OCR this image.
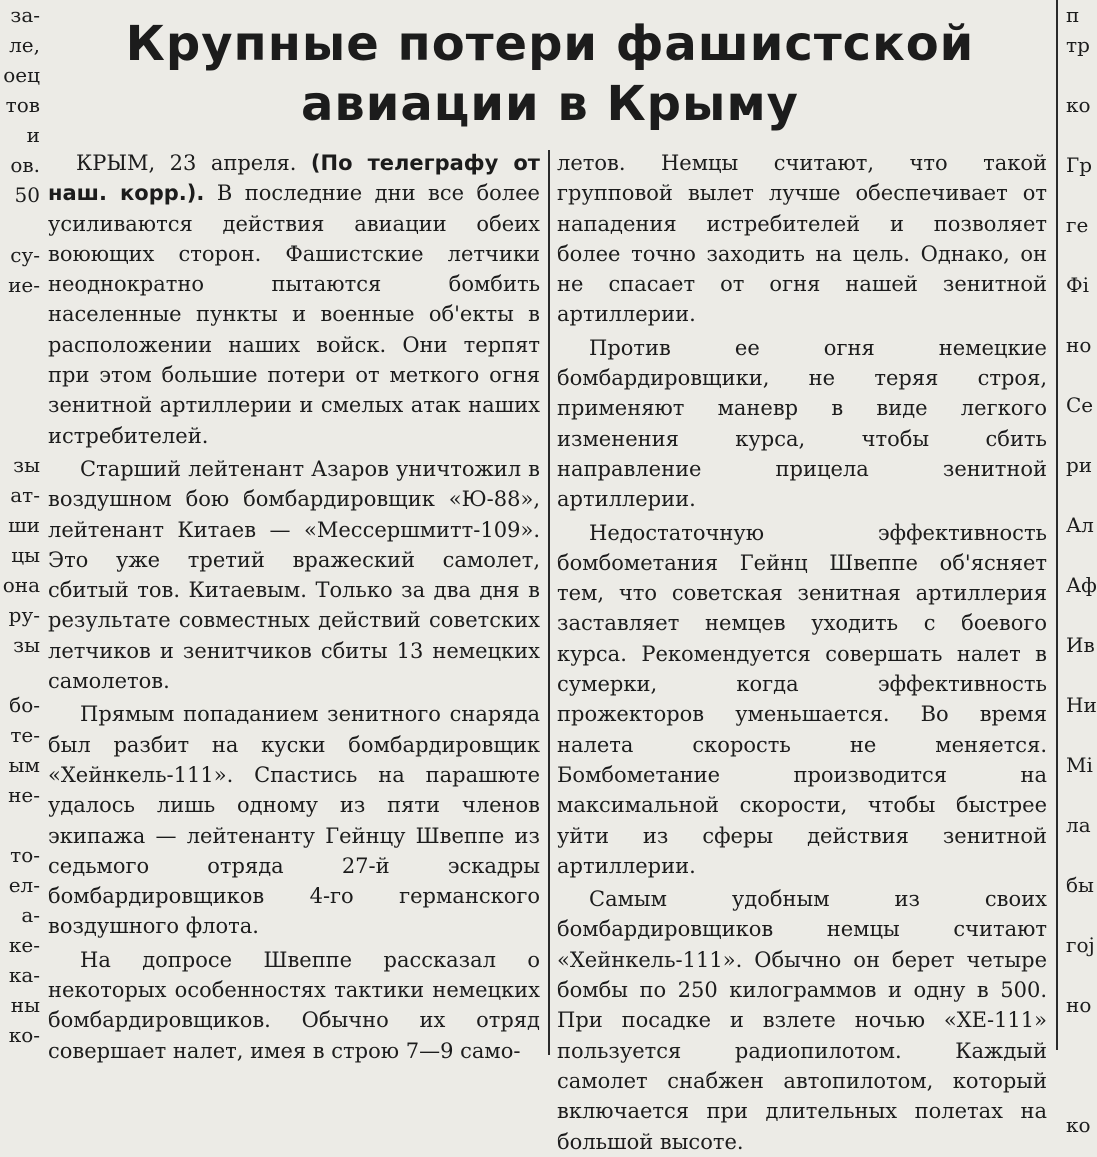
Крупные потери фашистской
авиации в Крыму

КРЫМ, 23 апреля. (По телеграфу от наш. корр.). В последние дни все более усиливаются действия авиации обеих воюющих сторон. Фашистские летчики неоднократно пытаются бомбить населенные пункты и военные об'екты в расположении наших войск. Они терпят при этом большие потери от меткого огня зенитной артиллерии и смелых атак наших истребителей.

Старший лейтенант Азаров уничтожил в воздушном бою бомбардировщик «Ю-88», лейтенант Китаев — «Мессершмитт-109». Это уже третий вражеский самолет, сбитый тов. Китаевым. Только за два дня в результате совместных действий советских летчиков и зенитчиков сбиты 13 немецких самолетов.

Прямым попаданием зенитного снаряда был разбит на куски бомбардировщик «Хейнкель-111». Спастись на парашюте удалось лишь одному из пяти членов экипажа — лейтенанту Гейнцу Швеппе из седьмого отряда 27-й эскадры бомбардировщиков 4-го германского воздушного флота.

На допросе Швеппе рассказал о некоторых особенностях тактики немецких бомбардировщиков. Обычно их отряд совершает налет, имея в строю 7—9 само-

летов. Немцы считают, что такой групповой вылет лучше обеспечивает от нападения истребителей и позволяет более точно заходить на цель. Однако, он не спасает от огня нашей зенитной артиллерии.

Против ее огня немецкие бомбардировщики, не теряя строя, применяют маневр в виде легкого изменения курса, чтобы сбить направление прицела зенитной артиллерии.

Недостаточную эффективность бомбометания Гейнц Швеппе об'ясняет тем, что советская зенитная артиллерия заставляет немцев уходить с боевого курса. Рекомендуется совершать налет в сумерки, когда эффективность прожекторов уменьшается. Во время налета скорость не меняется. Бомбометание производится на максимальной скорости, чтобы быстрее уйти из сферы действия зенитной артиллерии.

Самым удобным из своих бомбардировщиков немцы считают «Хейнкель-111». Обычно он берет четыре бомбы по 250 килограммов и одну в 500. При посадке и взлете ночью «ХЕ-111» пользуется радиопилотом. Каждый самолет снабжен автопилотом, который включается при длительных полетах на большой высоте.

за-
ле,
оец
тов
и
ов.
50
су-
ие-
зы
ат-
ши
цы
она
ру-
зы
бо-
те-
ым
не-
то-
ел-
а-
ке-
ка-
ны
ко-
п
тр
ко
Гр
ге
Фі
но
Се
ри
Ал
Аф
Ив
Ни
Мі
ла
бы
гој
но
ко
